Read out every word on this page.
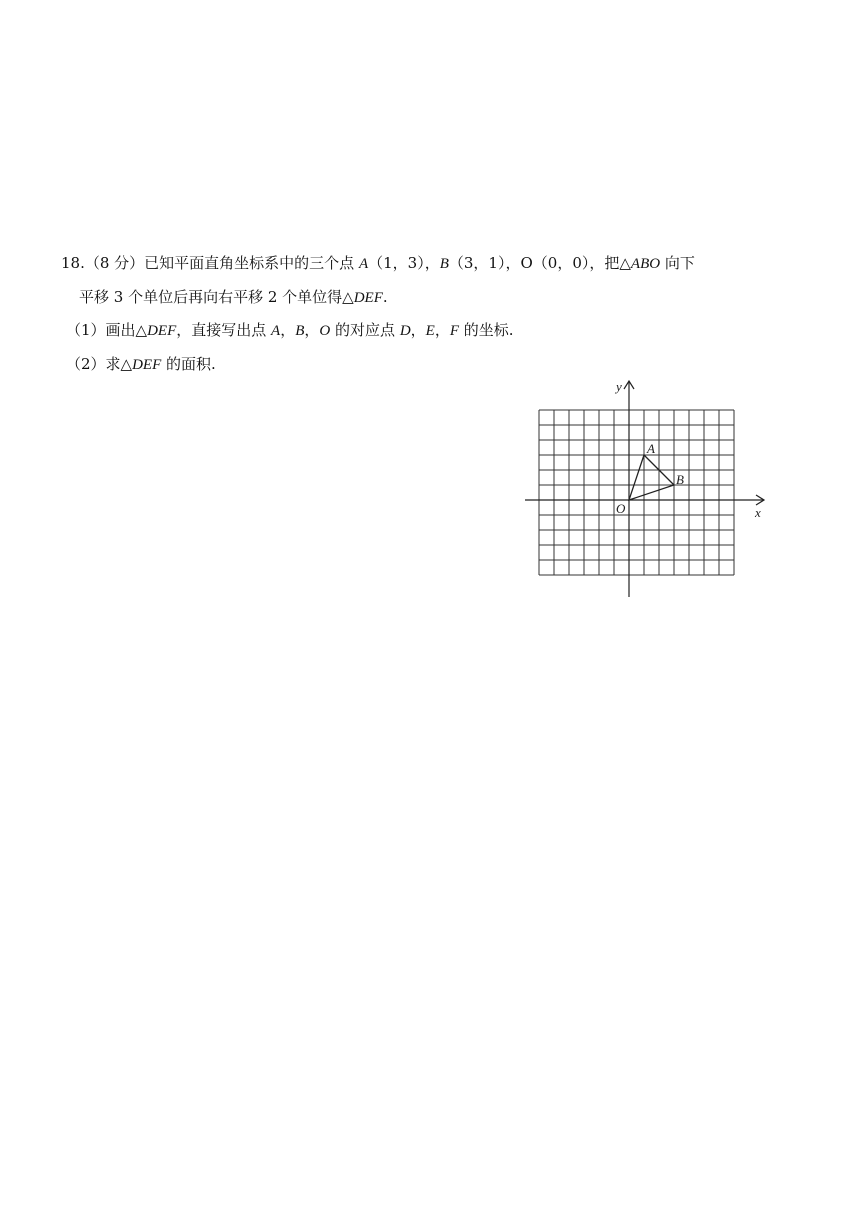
18.（8 分）已知平面直角坐标系中的三个点 A（1，3），B（3，1），O（0，0），把△ABO 向下
平移 3 个单位后再向右平移 2 个单位得△DEF.
（1）画出△DEF，直接写出点 A，B，O 的对应点 D，E，F 的坐标.
（2）求△DEF 的面积.
x
y
A
B
O
